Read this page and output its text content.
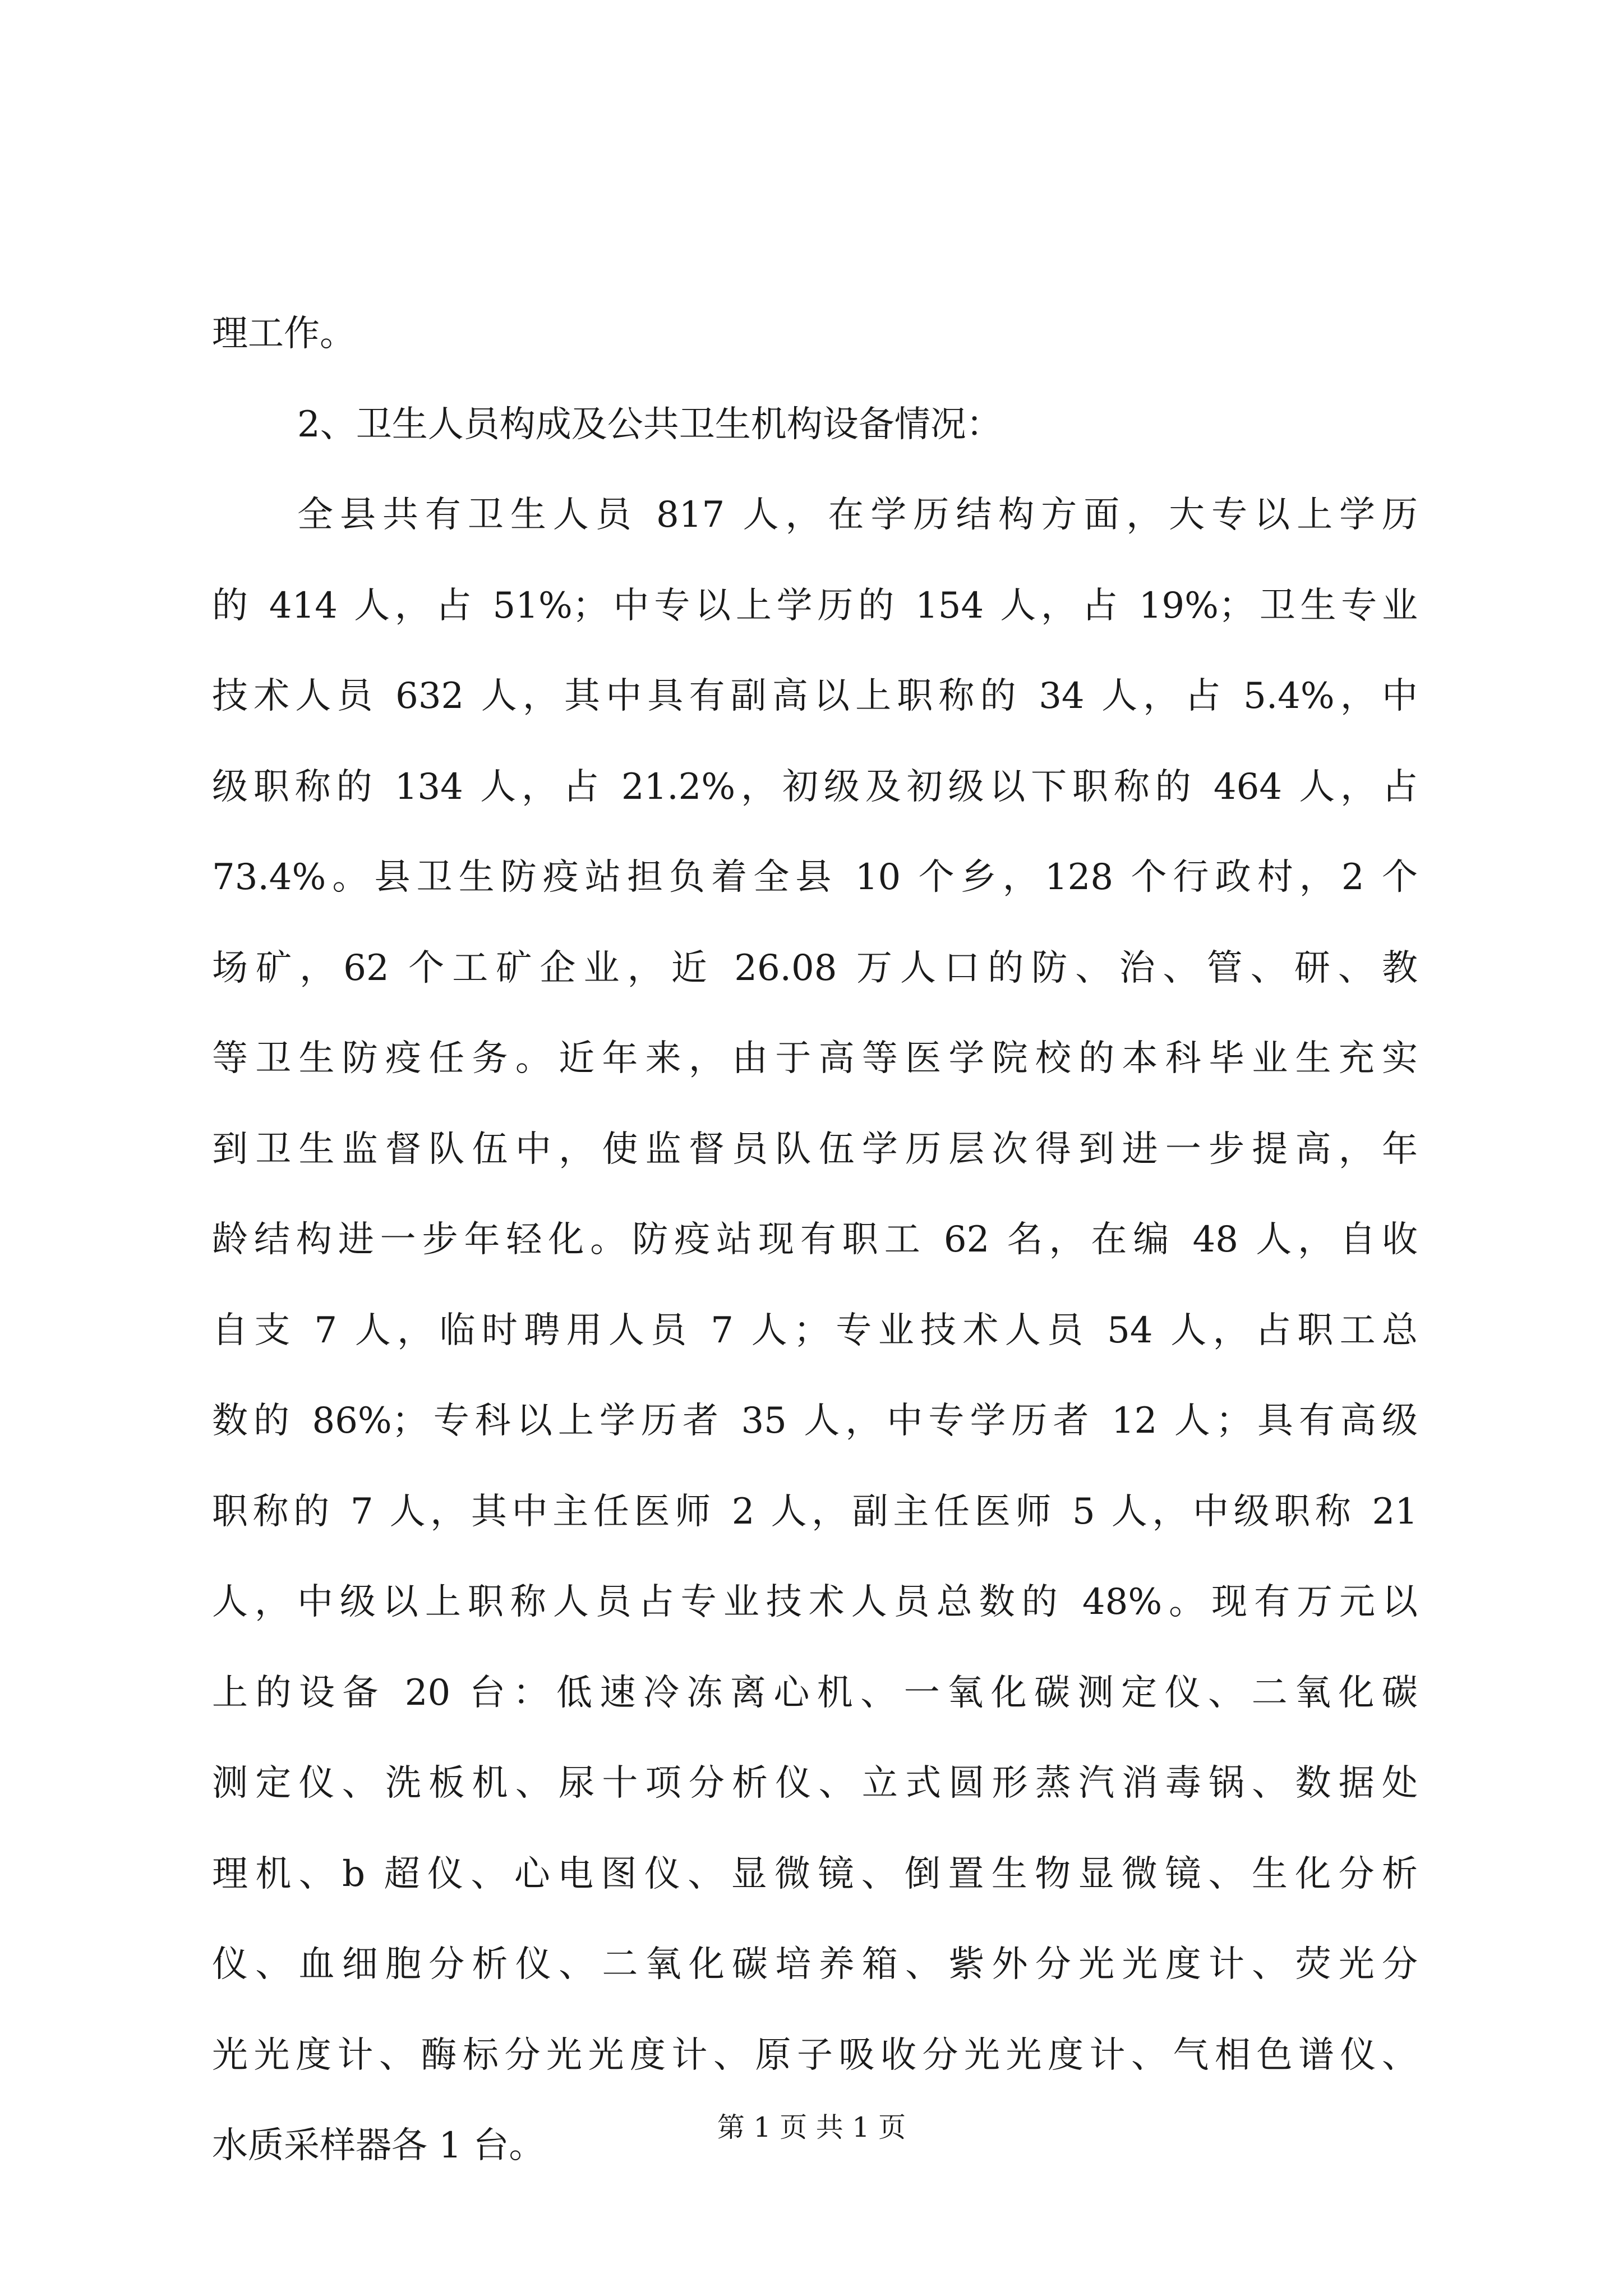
理工作。
2、卫生人员构成及公共卫生机构设备情况：
全县共有卫生人员 817 人，在学历结构方面，大专以上学历
的 414 人，占 51%；中专以上学历的 154 人，占 19%；卫生专业
技术人员 632 人，其中具有副高以上职称的 34 人，占 5.4%，中
级职称的 134 人，占 21.2%，初级及初级以下职称的 464 人，占
73.4%。县卫生防疫站担负着全县 10 个乡，128 个行政村，2 个
场矿，62 个工矿企业，近 26.08 万人口的防、治、管、研、教
等卫生防疫任务。近年来，由于高等医学院校的本科毕业生充实
到卫生监督队伍中，使监督员队伍学历层次得到进一步提高，年
龄结构进一步年轻化。防疫站现有职工 62 名，在编 48 人，自收
自支 7 人，临时聘用人员 7 人；专业技术人员 54 人，占职工总
数的 86%；专科以上学历者 35 人，中专学历者 12 人；具有高级
职称的 7 人，其中主任医师 2 人，副主任医师 5 人，中级职称 21
人，中级以上职称人员占专业技术人员总数的 48%。现有万元以
上的设备 20 台：低速冷冻离心机、一氧化碳测定仪、二氧化碳
测定仪、洗板机、尿十项分析仪、立式圆形蒸汽消毒锅、数据处
理机、b 超仪、心电图仪、显微镜、倒置生物显微镜、生化分析
仪、血细胞分析仪、二氧化碳培养箱、紫外分光光度计、荧光分
光光度计、酶标分光光度计、原子吸收分光光度计、气相色谱仪、
水质采样器各 1 台。	第 1 页 共 1 页
